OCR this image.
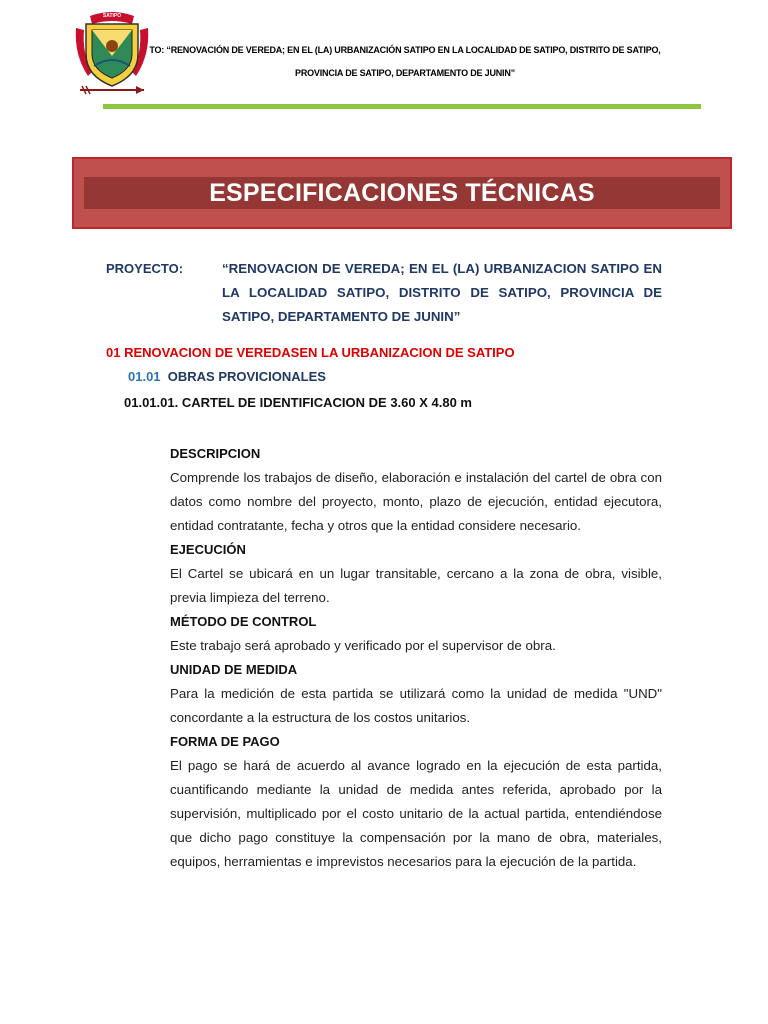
SATIPO
TO: “RENOVACIÓN DE VEREDA; EN EL (LA) URBANIZACIÓN SATIPO EN LA LOCALIDAD DE SATIPO, DISTRITO DE SATIPO,
PROVINCIA DE SATIPO, DEPARTAMENTO DE JUNIN”
ESPECIFICACIONES TÉCNICAS
PROYECTO:	“RENOVACION DE VEREDA; EN EL (LA) URBANIZACION SATIPO EN LA LOCALIDAD SATIPO, DISTRITO DE SATIPO, PROVINCIA DE SATIPO, DEPARTAMENTO DE JUNIN”
01 RENOVACION DE VEREDASEN LA URBANIZACION DE SATIPO
01.01 OBRAS PROVICIONALES
01.01.01. CARTEL DE IDENTIFICACION DE 3.60 X 4.80 m
DESCRIPCION

Comprende los trabajos de diseño, elaboración e instalación del cartel de obra con datos como nombre del proyecto, monto, plazo de ejecución, entidad ejecutora, entidad contratante, fecha y otros que la entidad considere necesario.

EJECUCIÓN

El Cartel se ubicará en un lugar transitable, cercano a la zona de obra, visible, previa limpieza del terreno.

MÉTODO DE CONTROL

Este trabajo será aprobado y verificado por el supervisor de obra.

UNIDAD DE MEDIDA

Para la medición de esta partida se utilizará como la unidad de medida "UND" concordante a la estructura de los costos unitarios.

FORMA DE PAGO

El pago se hará de acuerdo al avance logrado en la ejecución de esta partida, cuantificando mediante la unidad de medida antes referida, aprobado por la supervisión, multiplicado por el costo unitario de la actual partida, entendiéndose que dicho pago constituye la compensación por la mano de obra, materiales, equipos, herramientas e imprevistos necesarios para la ejecución de la partida.
